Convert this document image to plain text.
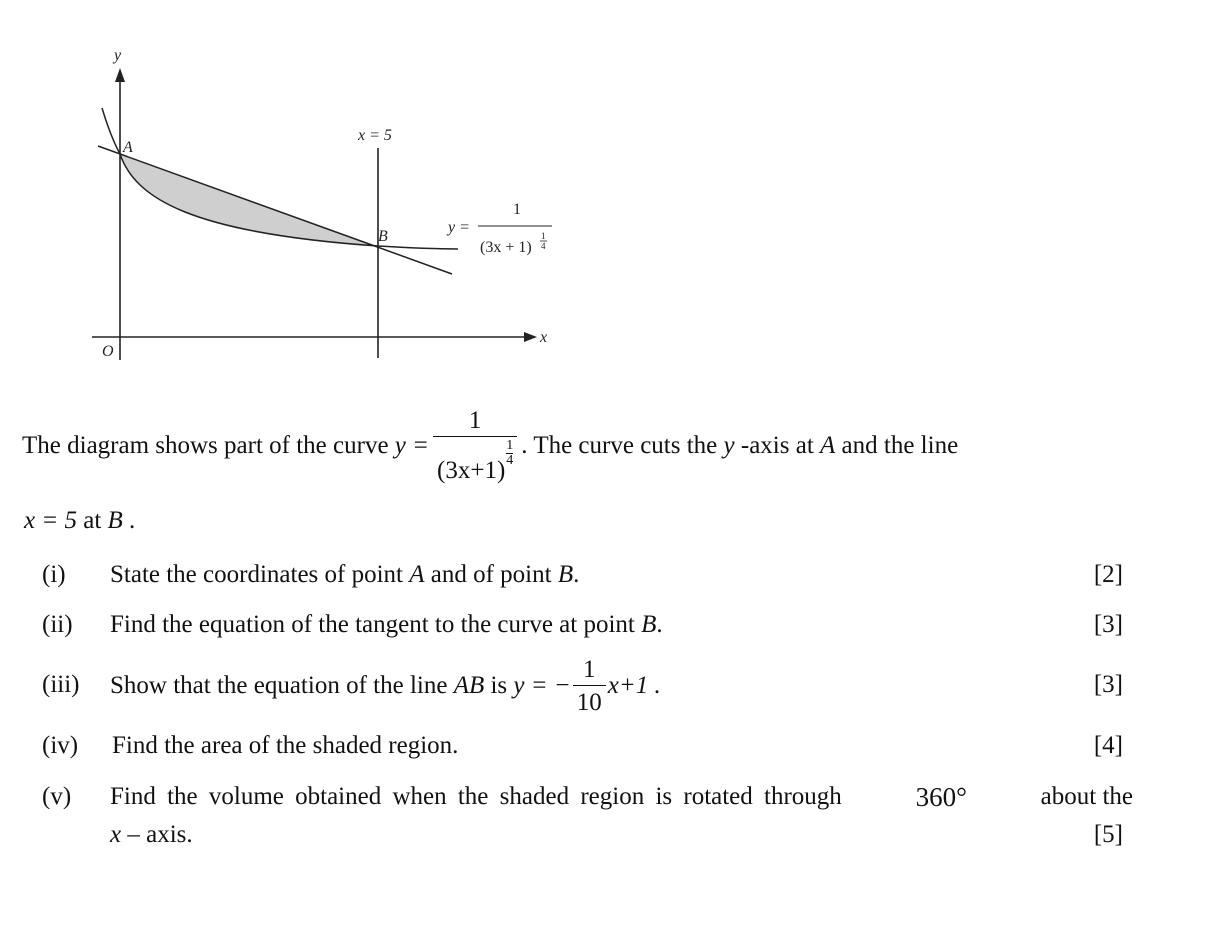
y
x
O
A
B
x = 5
y =
1
(3x + 1)
1
4
The diagram shows part of the curve
y = 1
(3x+1)
$\frac{1}{4}$ . The curve cuts the
y
-axis at
A
and the line
x = 5 at B .
(i) State the coordinates of point A and of point B.	[2]
(ii) Find the equation of the tangent to the curve at point B.	[3]
(iii) Show that the equation of the line
AB
is
y = − $\frac{1}{10} x+1$ .	[3]
(iv) Find the area of the shaded region.	[4]
(v) Find the volume obtained when the shaded region is rotated through	360°	about the
x – axis.	[5]
